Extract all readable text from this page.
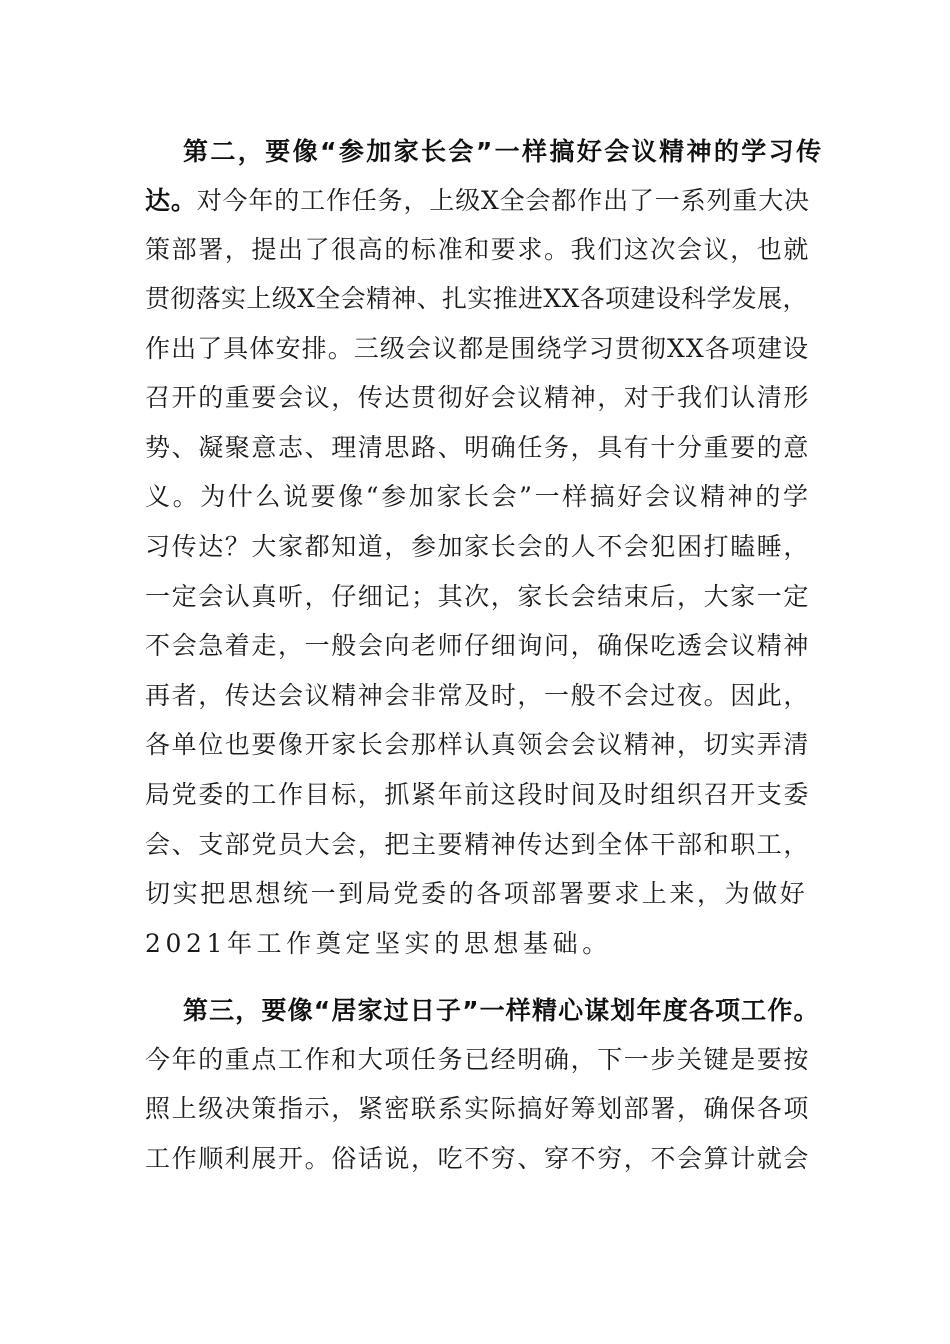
第二，要像“参加家长会”一样搞好会议精神的学习传
达。对今年的工作任务，上级X全会都作出了一系列重大决
策部署，提出了很高的标准和要求。我们这次会议，也就
贯彻落实上级X全会精神、扎实推进XX各项建设科学发展，
作出了具体安排。三级会议都是围绕学习贯彻XX各项建设
召开的重要会议，传达贯彻好会议精神，对于我们认清形
势、凝聚意志、理清思路、明确任务，具有十分重要的意
义。为什么说要像“参加家长会”一样搞好会议精神的学
习传达？大家都知道，参加家长会的人不会犯困打瞌睡，
一定会认真听，仔细记；其次，家长会结束后，大家一定
不会急着走，一般会向老师仔细询问，确保吃透会议精神
再者，传达会议精神会非常及时，一般不会过夜。因此，
各单位也要像开家长会那样认真领会会议精神，切实弄清
局党委的工作目标，抓紧年前这段时间及时组织召开支委
会、支部党员大会，把主要精神传达到全体干部和职工，
切实把思想统一到局党委的各项部署要求上来，为做好
2021年工作奠定坚实的思想基础。
第三，要像“居家过日子”一样精心谋划年度各项工作。
今年的重点工作和大项任务已经明确，下一步关键是要按
照上级决策指示，紧密联系实际搞好筹划部署，确保各项
工作顺利展开。俗话说，吃不穷、穿不穷，不会算计就会
